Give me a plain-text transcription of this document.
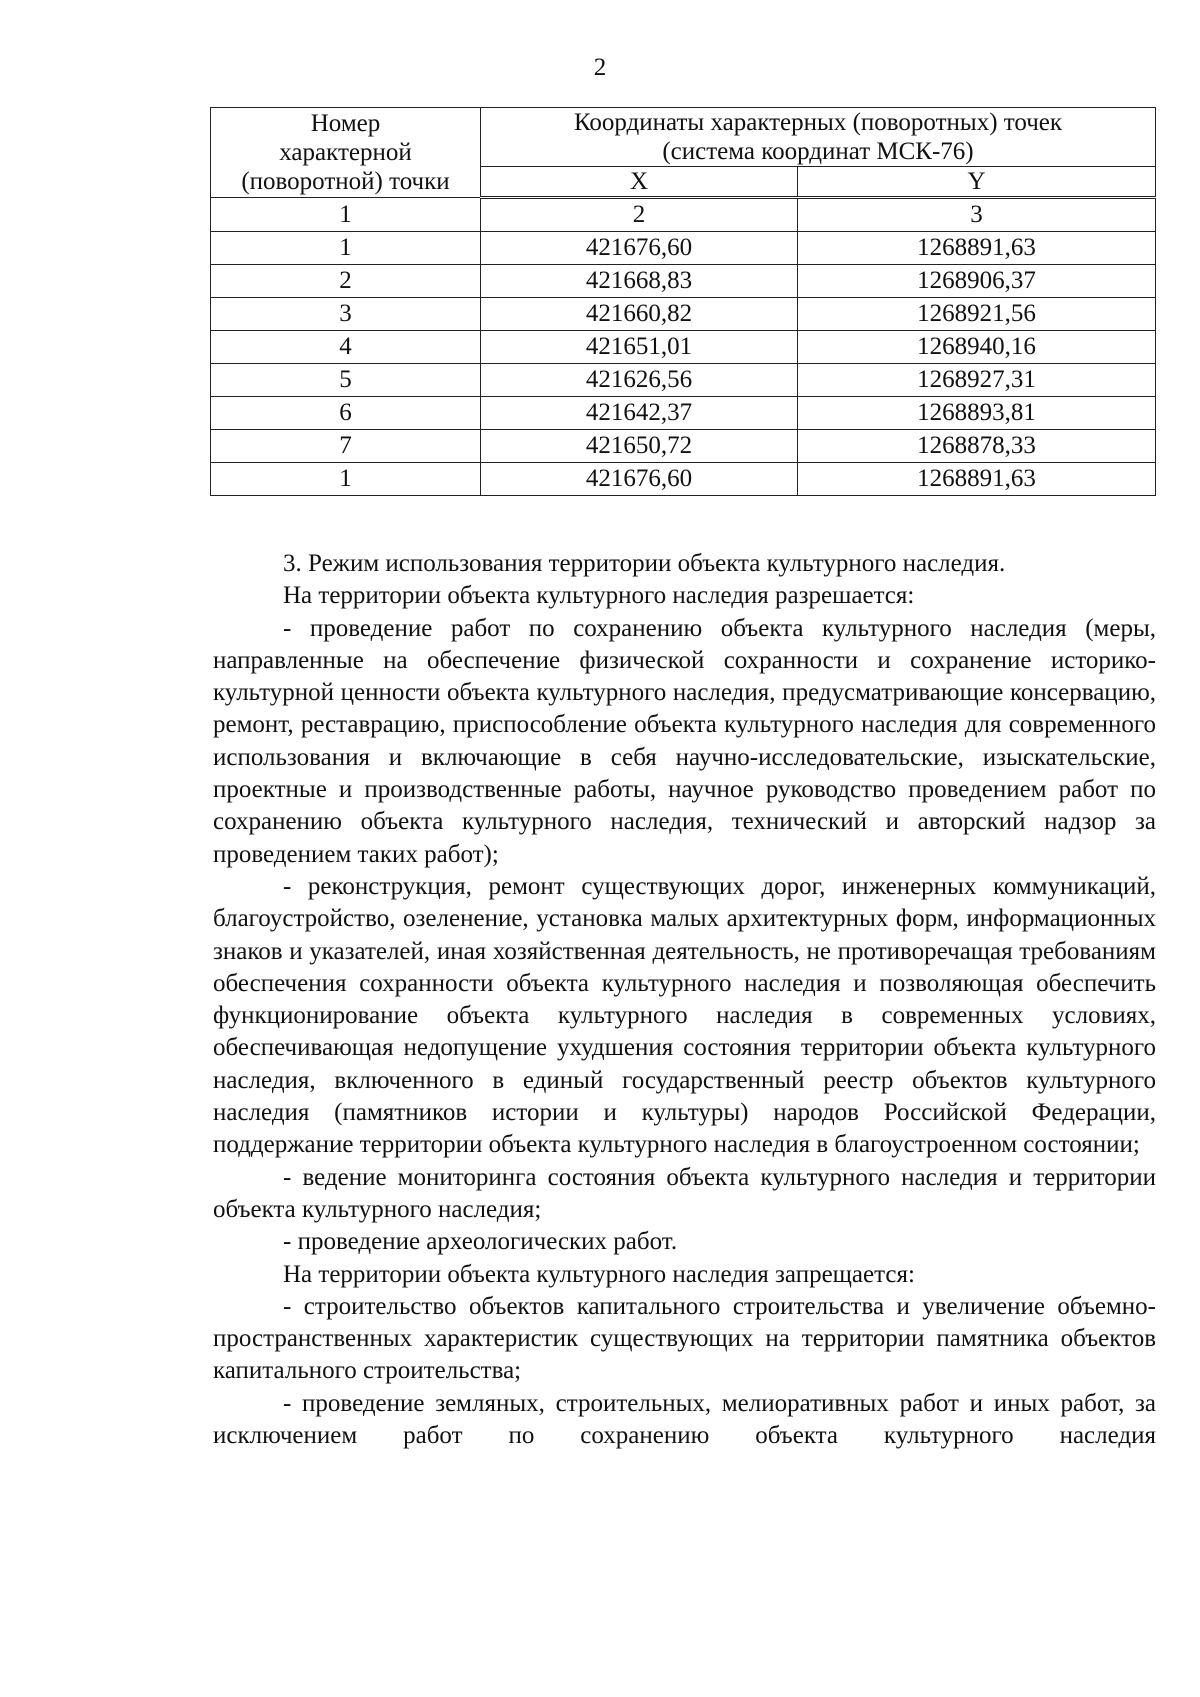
2
Номер
характерной
(поворотной) точки	Координаты характерных (поворотных) точек
(система координат МСК-76)	

	X	Y
1	2	3
1	421676,60	1268891,63
2	421668,83	1268906,37
3	421660,82	1268921,56
4	421651,01	1268940,16
5	421626,56	1268927,31
6	421642,37	1268893,81
7	421650,72	1268878,33
1	421676,60	1268891,63

3. Режим использования территории объекта культурного наследия.

На территории объекта культурного наследия разрешается:

- проведение работ по сохранению объекта культурного наследия (меры, направленные на обеспечение физической сохранности и сохранение историко-культурной ценности объекта культурного наследия, предусматривающие консервацию, ремонт, реставрацию, приспособление объекта культурного наследия для современного использования и включающие в себя научно-исследовательские, изыскательские, проектные и производственные работы, научное руководство проведением работ по сохранению объекта культурного наследия, технический и авторский надзор за проведением таких работ);

- реконструкция, ремонт существующих дорог, инженерных коммуникаций, благоустройство, озеленение, установка малых архитектурных форм, информационных знаков и указателей, иная хозяйственная деятельность, не противоречащая требованиям обеспечения сохранности объекта культурного наследия и позволяющая обеспечить функционирование объекта культурного наследия в современных условиях, обеспечивающая недопущение ухудшения состояния территории объекта культурного наследия, включенного в единый государственный реестр объектов культурного наследия (памятников истории и культуры) народов Российской Федерации, поддержание территории объекта культурного наследия в благоустроенном состоянии;

- ведение мониторинга состояния объекта культурного наследия и территории объекта культурного наследия;

- проведение археологических работ.

На территории объекта культурного наследия запрещается:

- строительство объектов капитального строительства и увеличение объемно-пространственных характеристик существующих на территории памятника объектов капитального строительства;

- проведение земляных, строительных, мелиоративных работ и иных работ, за исключением работ по сохранению объекта культурного наследия
